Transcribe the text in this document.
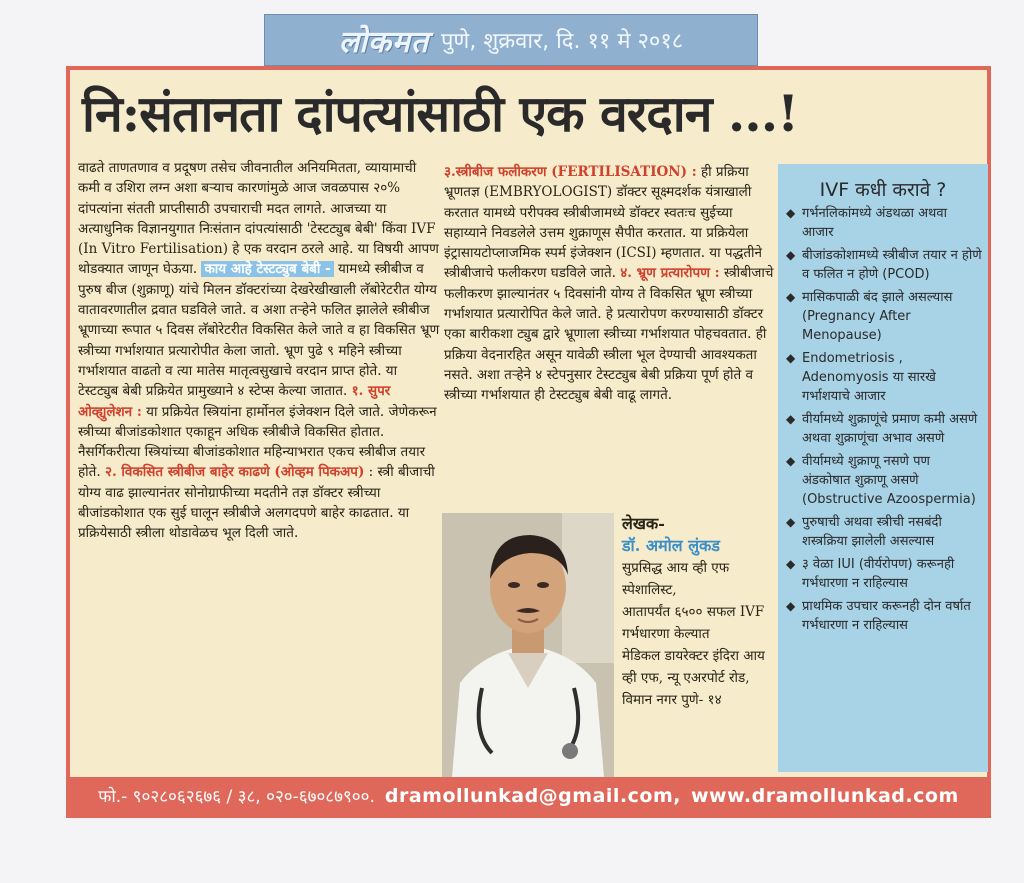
लोकमत पुणे, शुक्रवार, दि. ११ मे २०१८
नि:संतानता दांपत्यांसाठी एक वरदान ...!
वाढते ताणतणाव व प्रदूषण तसेच जीवनातील अनियमितता, व्यायामाची कमी व उशिरा लग्न अशा बऱ्याच कारणांमुळे आज जवळपास २०% दांपत्यांना संतती प्राप्तीसाठी उपचाराची मदत लागते. आजच्या या अत्याधुनिक विज्ञानयुगात निःसंतान दांपत्यांसाठी 'टेस्टट्युब बेबी' किंवा IVF (In Vitro Fertilisation) हे एक वरदान ठरले आहे. या विषयी आपण थोडक्यात जाणून घेऊया. काय आहे टेस्टट्युब बेबी - यामध्ये स्त्रीबीज व पुरुष बीज (शुक्राणू) यांचे मिलन डॉक्टरांच्या देखरेखीखाली लॅबोरेटरीत योग्य वातावरणातील द्रवात घडविले जाते. व अशा तऱ्हेने फलित झालेले स्त्रीबीज भ्रूणाच्या रूपात ५ दिवस लॅबोरेटरीत विकसित केले जाते व हा विकसित भ्रूण स्त्रीच्या गर्भाशयात प्रत्यारोपीत केला जातो. भ्रूण पुढे ९ महिने स्त्रीच्या गर्भाशयात वाढतो व त्या मातेस मातृत्वसुखाचे वरदान प्राप्त होते. या टेस्टट्युब बेबी प्रक्रियेत प्रामुख्याने ४ स्टेप्स केल्या जातात. १. सुपर ओव्ह्युलेशन : या प्रक्रियेत स्त्रियांना हार्मोनल इंजेक्शन दिले जाते. जेणेकरून स्त्रीच्या बीजांडकोशात एकाहून अधिक स्त्रीबीजे विकसित होतात. नैसर्गिकरीत्या स्त्रियांच्या बीजांडकोशात महिन्याभरात एकच स्त्रीबीज तयार होते. २. विकसित स्त्रीबीज बाहेर काढणे (ओव्हम पिकअप) : स्त्री बीजाची योग्य वाढ झाल्यानंतर सोनोग्राफीच्या मदतीने तज्ञ डॉक्टर स्त्रीच्या बीजांडकोशात एक सुई घालून स्त्रीबीजे अलगदपणे बाहेर काढतात. या प्रक्रियेसाठी स्त्रीला थोडावेळच भूल दिली जाते.
३.स्त्रीबीज फलीकरण (FERTILISATION) : ही प्रक्रिया भ्रूणतज्ञ (EMBRYOLOGIST) डॉक्टर सूक्ष्मदर्शक यंत्राखाली करतात यामध्ये परीपक्व स्त्रीबीजामध्ये डॉक्टर स्वतःच सुईच्या सहाय्याने निवडलेले उत्तम शुक्राणूस सैपीत करतात. या प्रक्रियेला इंट्रासायटोप्लाजमिक स्पर्म इंजेक्शन (ICSI) म्हणतात. या पद्धतीने स्त्रीबीजाचे फलीकरण घडविले जाते. ४. भ्रूण प्रत्यारोपण : स्त्रीबीजाचे फलीकरण झाल्यानंतर ५ दिवसांनी योग्य ते विकसित भ्रूण स्त्रीच्या गर्भाशयात प्रत्यारोपित केले जाते. हे प्रत्यारोपण करण्यासाठी डॉक्टर एका बारीकशा ट्युब द्वारे भ्रूणाला स्त्रीच्या गर्भाशयात पोहचवतात. ही प्रक्रिया वेदनारहित असून यावेळी स्त्रीला भूल देण्याची आवश्यकता नसते. अशा तऱ्हेने ४ स्टेपनुसार टेस्टट्युब बेबी प्रक्रिया पूर्ण होते व स्त्रीच्या गर्भाशयात ही टेस्टट्युब बेबी वाढू लागते.
लेखक-
डॉ. अमोल लुंकड
सुप्रसिद्ध आय व्ही एफ स्पेशालिस्ट,
आतापर्यंत ६५०० सफल IVF गर्भधारणा केल्यात
मेडिकल डायरेक्टर इंदिरा आय व्ही एफ, न्यू एअरपोर्ट रोड, विमान नगर पुणे- १४
IVF कधी करावे ?
◆ गर्भनलिकांमध्ये अंडथळा अथवा आजार
◆ बीजांडकोशामध्ये स्त्रीबीज तयार न होणे व फलित न होणे (PCOD)
◆ मासिकपाळी बंद झाले असल्यास (Pregnancy After Menopause)
◆ Endometriosis , Adenomyosis या सारखे गर्भाशयाचे आजार
◆ वीर्यामध्ये शुक्राणूंचे प्रमाण कमी असणे अथवा शुक्राणूंचा अभाव असणे
◆ वीर्यामध्ये शुक्राणू नसणे पण अंडकोषात शुक्राणू असणे (Obstructive Azoospermia)
◆ पुरुषाची अथवा स्त्रीची नसबंदी शस्त्रक्रिया झालेली असल्यास
◆ ३ वेळा IUI (वीर्यरोपण) करूनही गर्भधारणा न राहिल्यास
◆ प्राथमिक उपचार करूनही दोन वर्षात गर्भधारणा न राहिल्यास
फो.- ९०२८०६२६७६ / ३८, ०२०-६७०८७९००. dramollunkad@gmail.com, www.dramollunkad.com
